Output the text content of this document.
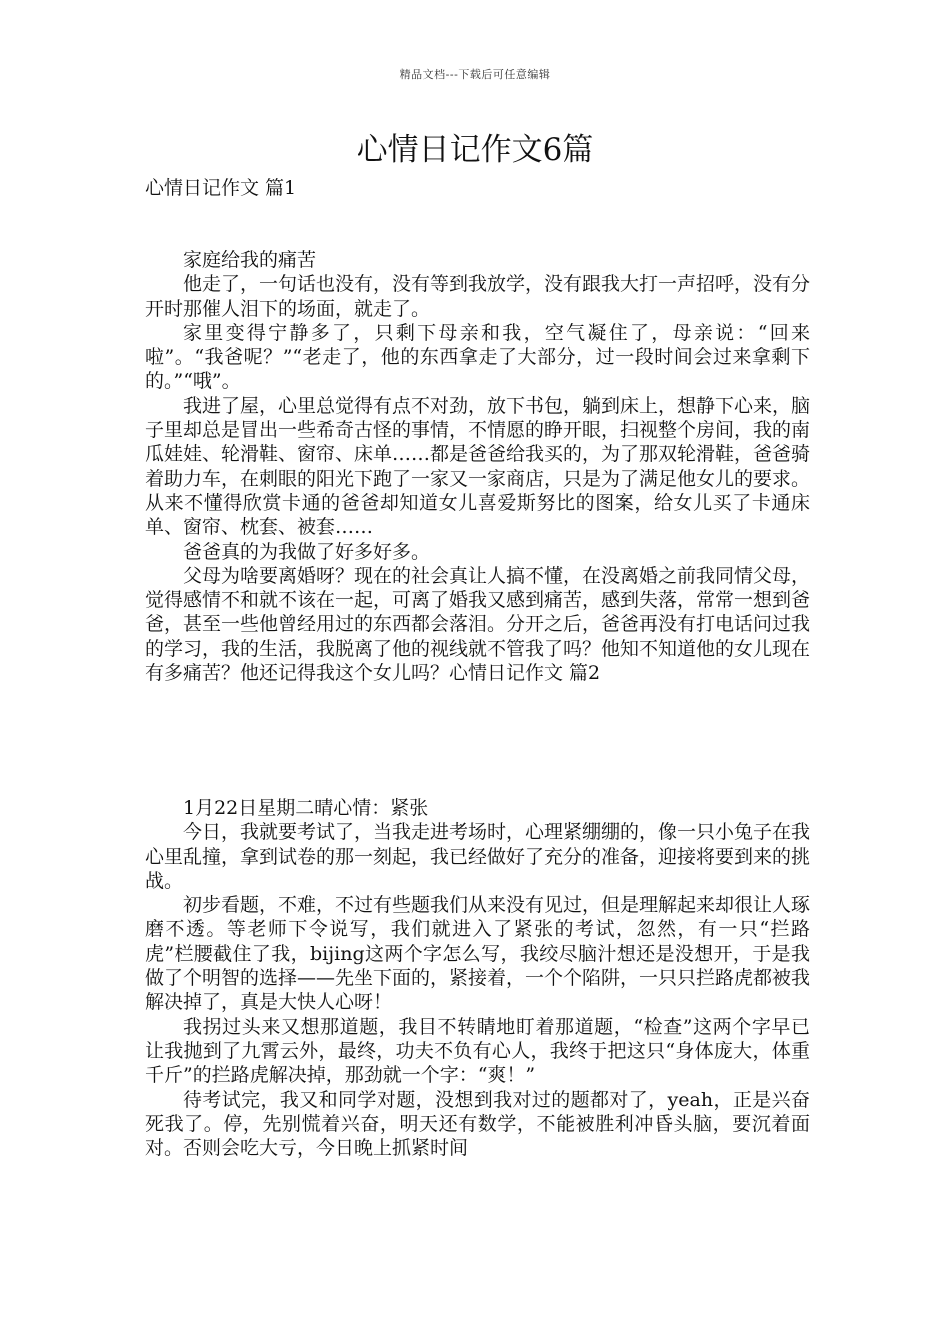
精品文档---下载后可任意编辑
心情日记作文6篇
心情日记作文 篇1

家庭给我的痛苦

他走了，一句话也没有，没有等到我放学，没有跟我大打一声招呼，没有分开时那催人泪下的场面，就走了。

家里变得宁静多了，只剩下母亲和我，空气凝住了，母亲说：“回来啦”。“我爸呢？”“老走了，他的东西拿走了大部分，过一段时间会过来拿剩下的。”“哦”。

我进了屋，心里总觉得有点不对劲，放下书包，躺到床上，想静下心来，脑子里却总是冒出一些希奇古怪的事情，不情愿的睁开眼，扫视整个房间，我的南瓜娃娃、轮滑鞋、窗帘、床单……都是爸爸给我买的，为了那双轮滑鞋，爸爸骑着助力车，在刺眼的阳光下跑了一家又一家商店，只是为了满足他女儿的要求。从来不懂得欣赏卡通的爸爸却知道女儿喜爱斯努比的图案，给女儿买了卡通床单、窗帘、枕套、被套……

爸爸真的为我做了好多好多。

父母为啥要离婚呀？现在的社会真让人搞不懂，在没离婚之前我同情父母，觉得感情不和就不该在一起，可离了婚我又感到痛苦，感到失落，常常一想到爸爸，甚至一些他曾经用过的东西都会落泪。分开之后，爸爸再没有打电话问过我的学习，我的生活，我脱离了他的视线就不管我了吗？他知不知道他的女儿现在有多痛苦？他还记得我这个女儿吗？心情日记作文 篇2

1月22日星期二晴心情：紧张

今日，我就要考试了，当我走进考场时，心理紧绷绷的，像一只小兔子在我心里乱撞，拿到试卷的那一刻起，我已经做好了充分的准备，迎接将要到来的挑战。

初步看题，不难，不过有些题我们从来没有见过，但是理解起来却很让人琢磨不透。等老师下令说写，我们就进入了紧张的考试，忽然，有一只“拦路虎”栏腰截住了我，bijing这两个字怎么写，我绞尽脑汁想还是没想开，于是我做了个明智的选择——先坐下面的，紧接着，一个个陷阱，一只只拦路虎都被我解决掉了，真是大快人心呀！

我拐过头来又想那道题，我目不转睛地盯着那道题，“检查”这两个字早已让我抛到了九霄云外，最终，功夫不负有心人，我终于把这只“身体庞大，体重千斤”的拦路虎解决掉，那劲就一个字：“爽！”

待考试完，我又和同学对题，没想到我对过的题都对了，yeah，正是兴奋死我了。停，先别慌着兴奋，明天还有数学，不能被胜利冲昏头脑，要沉着面对。否则会吃大亏，今日晚上抓紧时间
